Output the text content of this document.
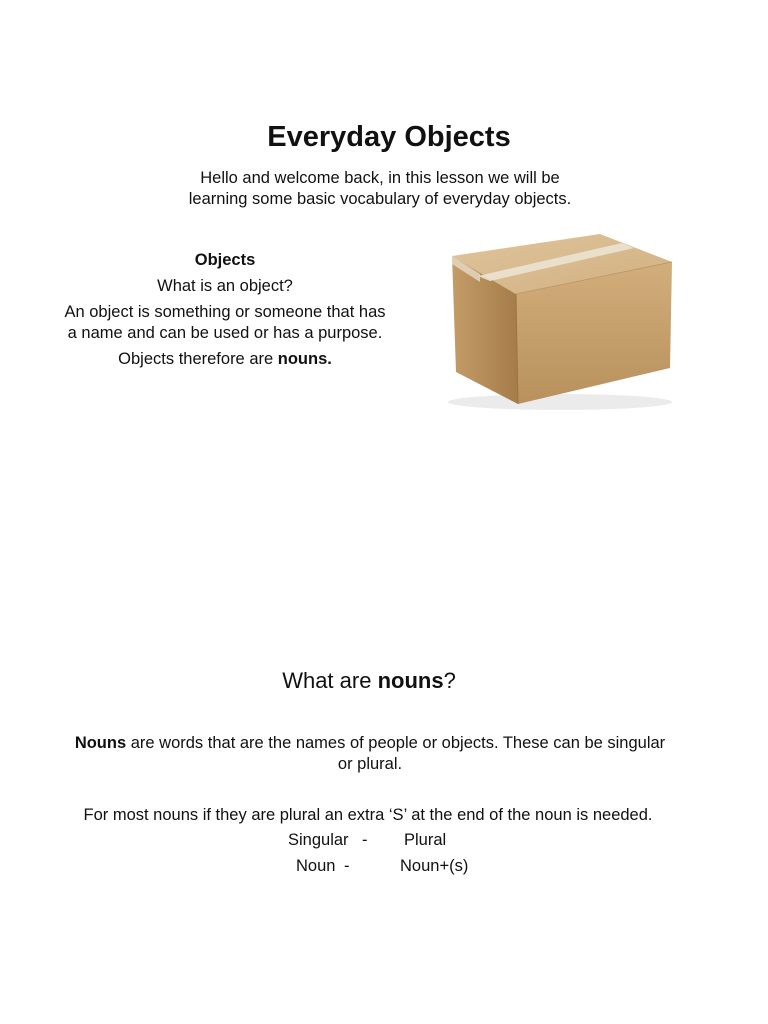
Everyday Objects
Hello and welcome back, in this lesson we will be
learning some basic vocabulary of everyday objects.
Objects
What is an object?
An object is something or someone that has a name and can be used or has a purpose.
Objects therefore are nouns.
What are nouns?
Nouns are words that are the names of people or objects. These can be singular or plural.
For most nouns if they are plural an extra ‘S’ at the end of the noun is needed.

Singular

-

Plural

Noun

-

	Noun+(s)
